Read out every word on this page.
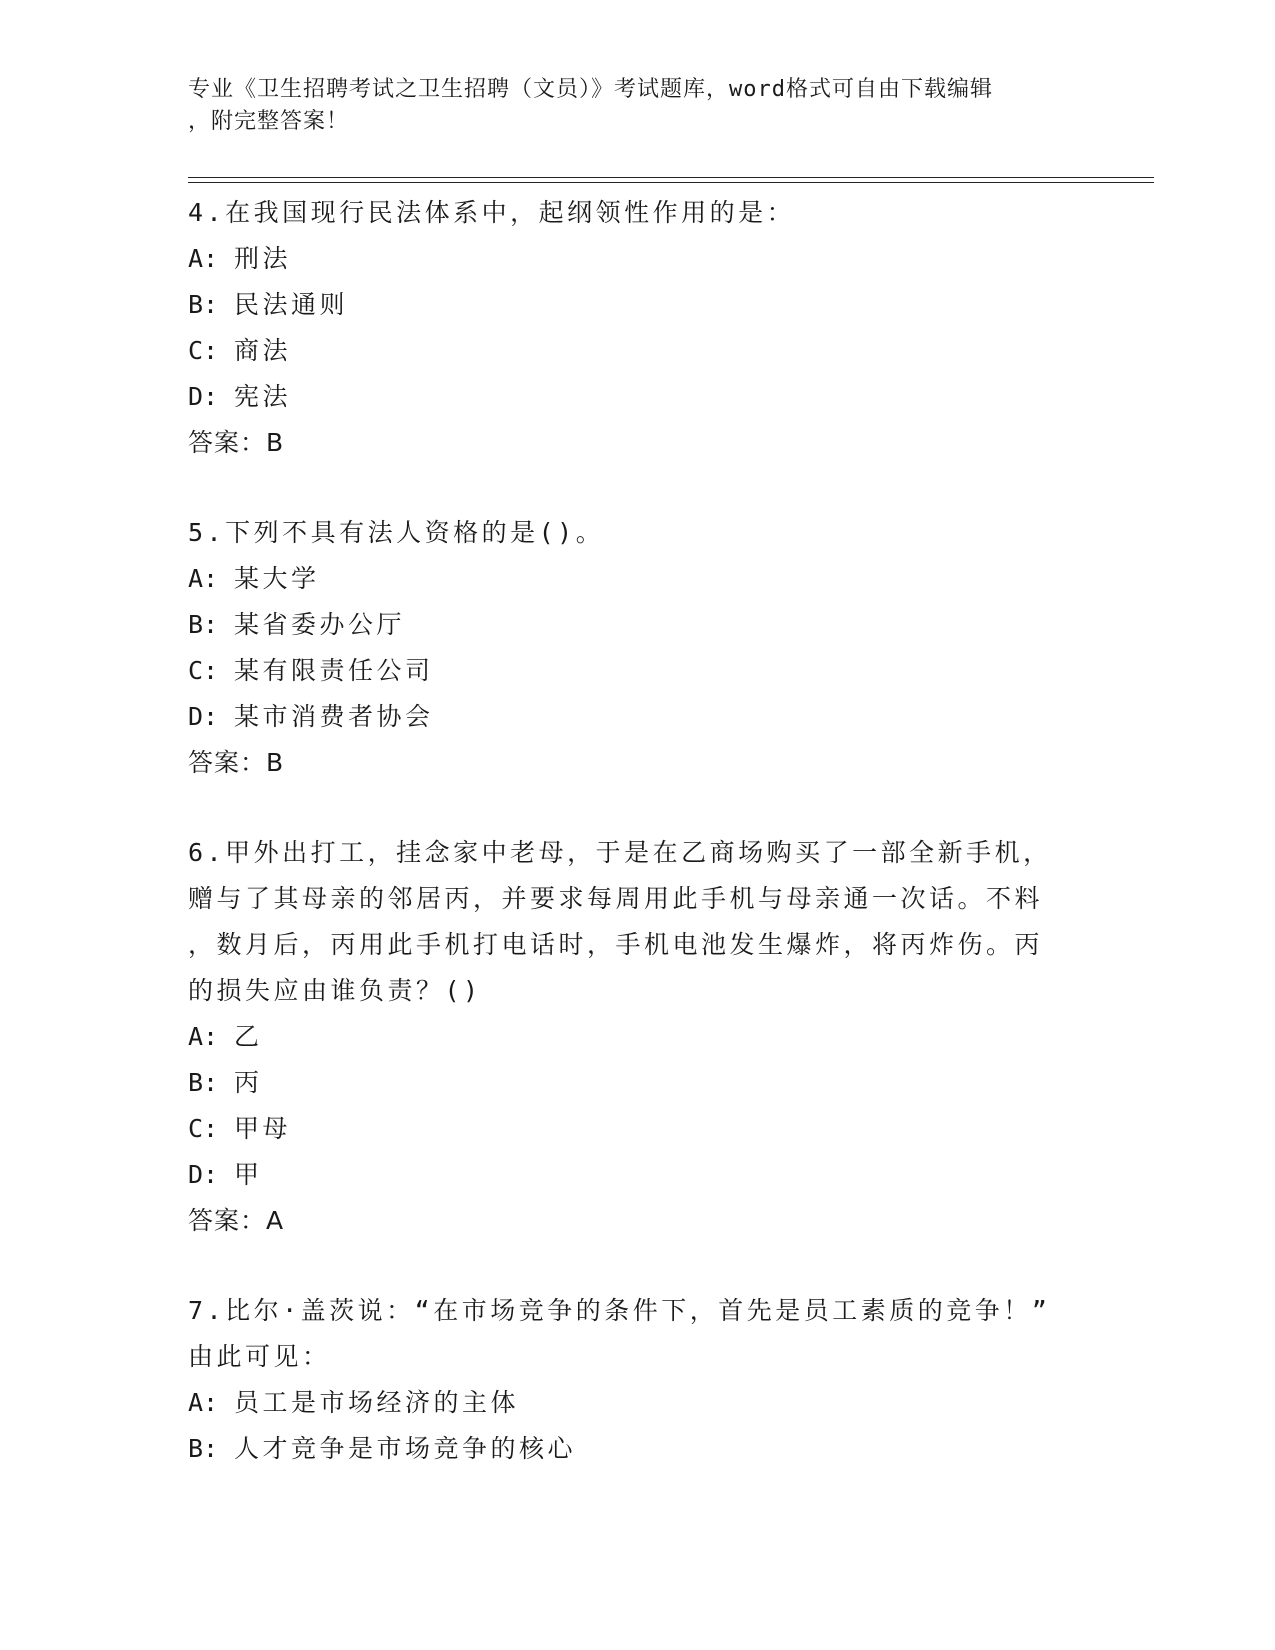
专业《卫生招聘考试之卫生招聘（文员）》考试题库，word格式可自由下载编辑
，附完整答案！
4.在我国现行民法体系中，起纲领性作用的是：
A: 刑法
B: 民法通则
C: 商法
D: 宪法
答案：B
5.下列不具有法人资格的是()。
A: 某大学
B: 某省委办公厅
C: 某有限责任公司
D: 某市消费者协会
答案：B
6.甲外出打工，挂念家中老母，于是在乙商场购买了一部全新手机，
赠与了其母亲的邻居丙，并要求每周用此手机与母亲通一次话。不料
，数月后，丙用此手机打电话时，手机电池发生爆炸，将丙炸伤。丙
的损失应由谁负责？()
A: 乙
B: 丙
C: 甲母
D: 甲
答案：A
7.比尔·盖茨说：“在市场竞争的条件下，首先是员工素质的竞争！”
由此可见：
A: 员工是市场经济的主体
B: 人才竞争是市场竞争的核心
